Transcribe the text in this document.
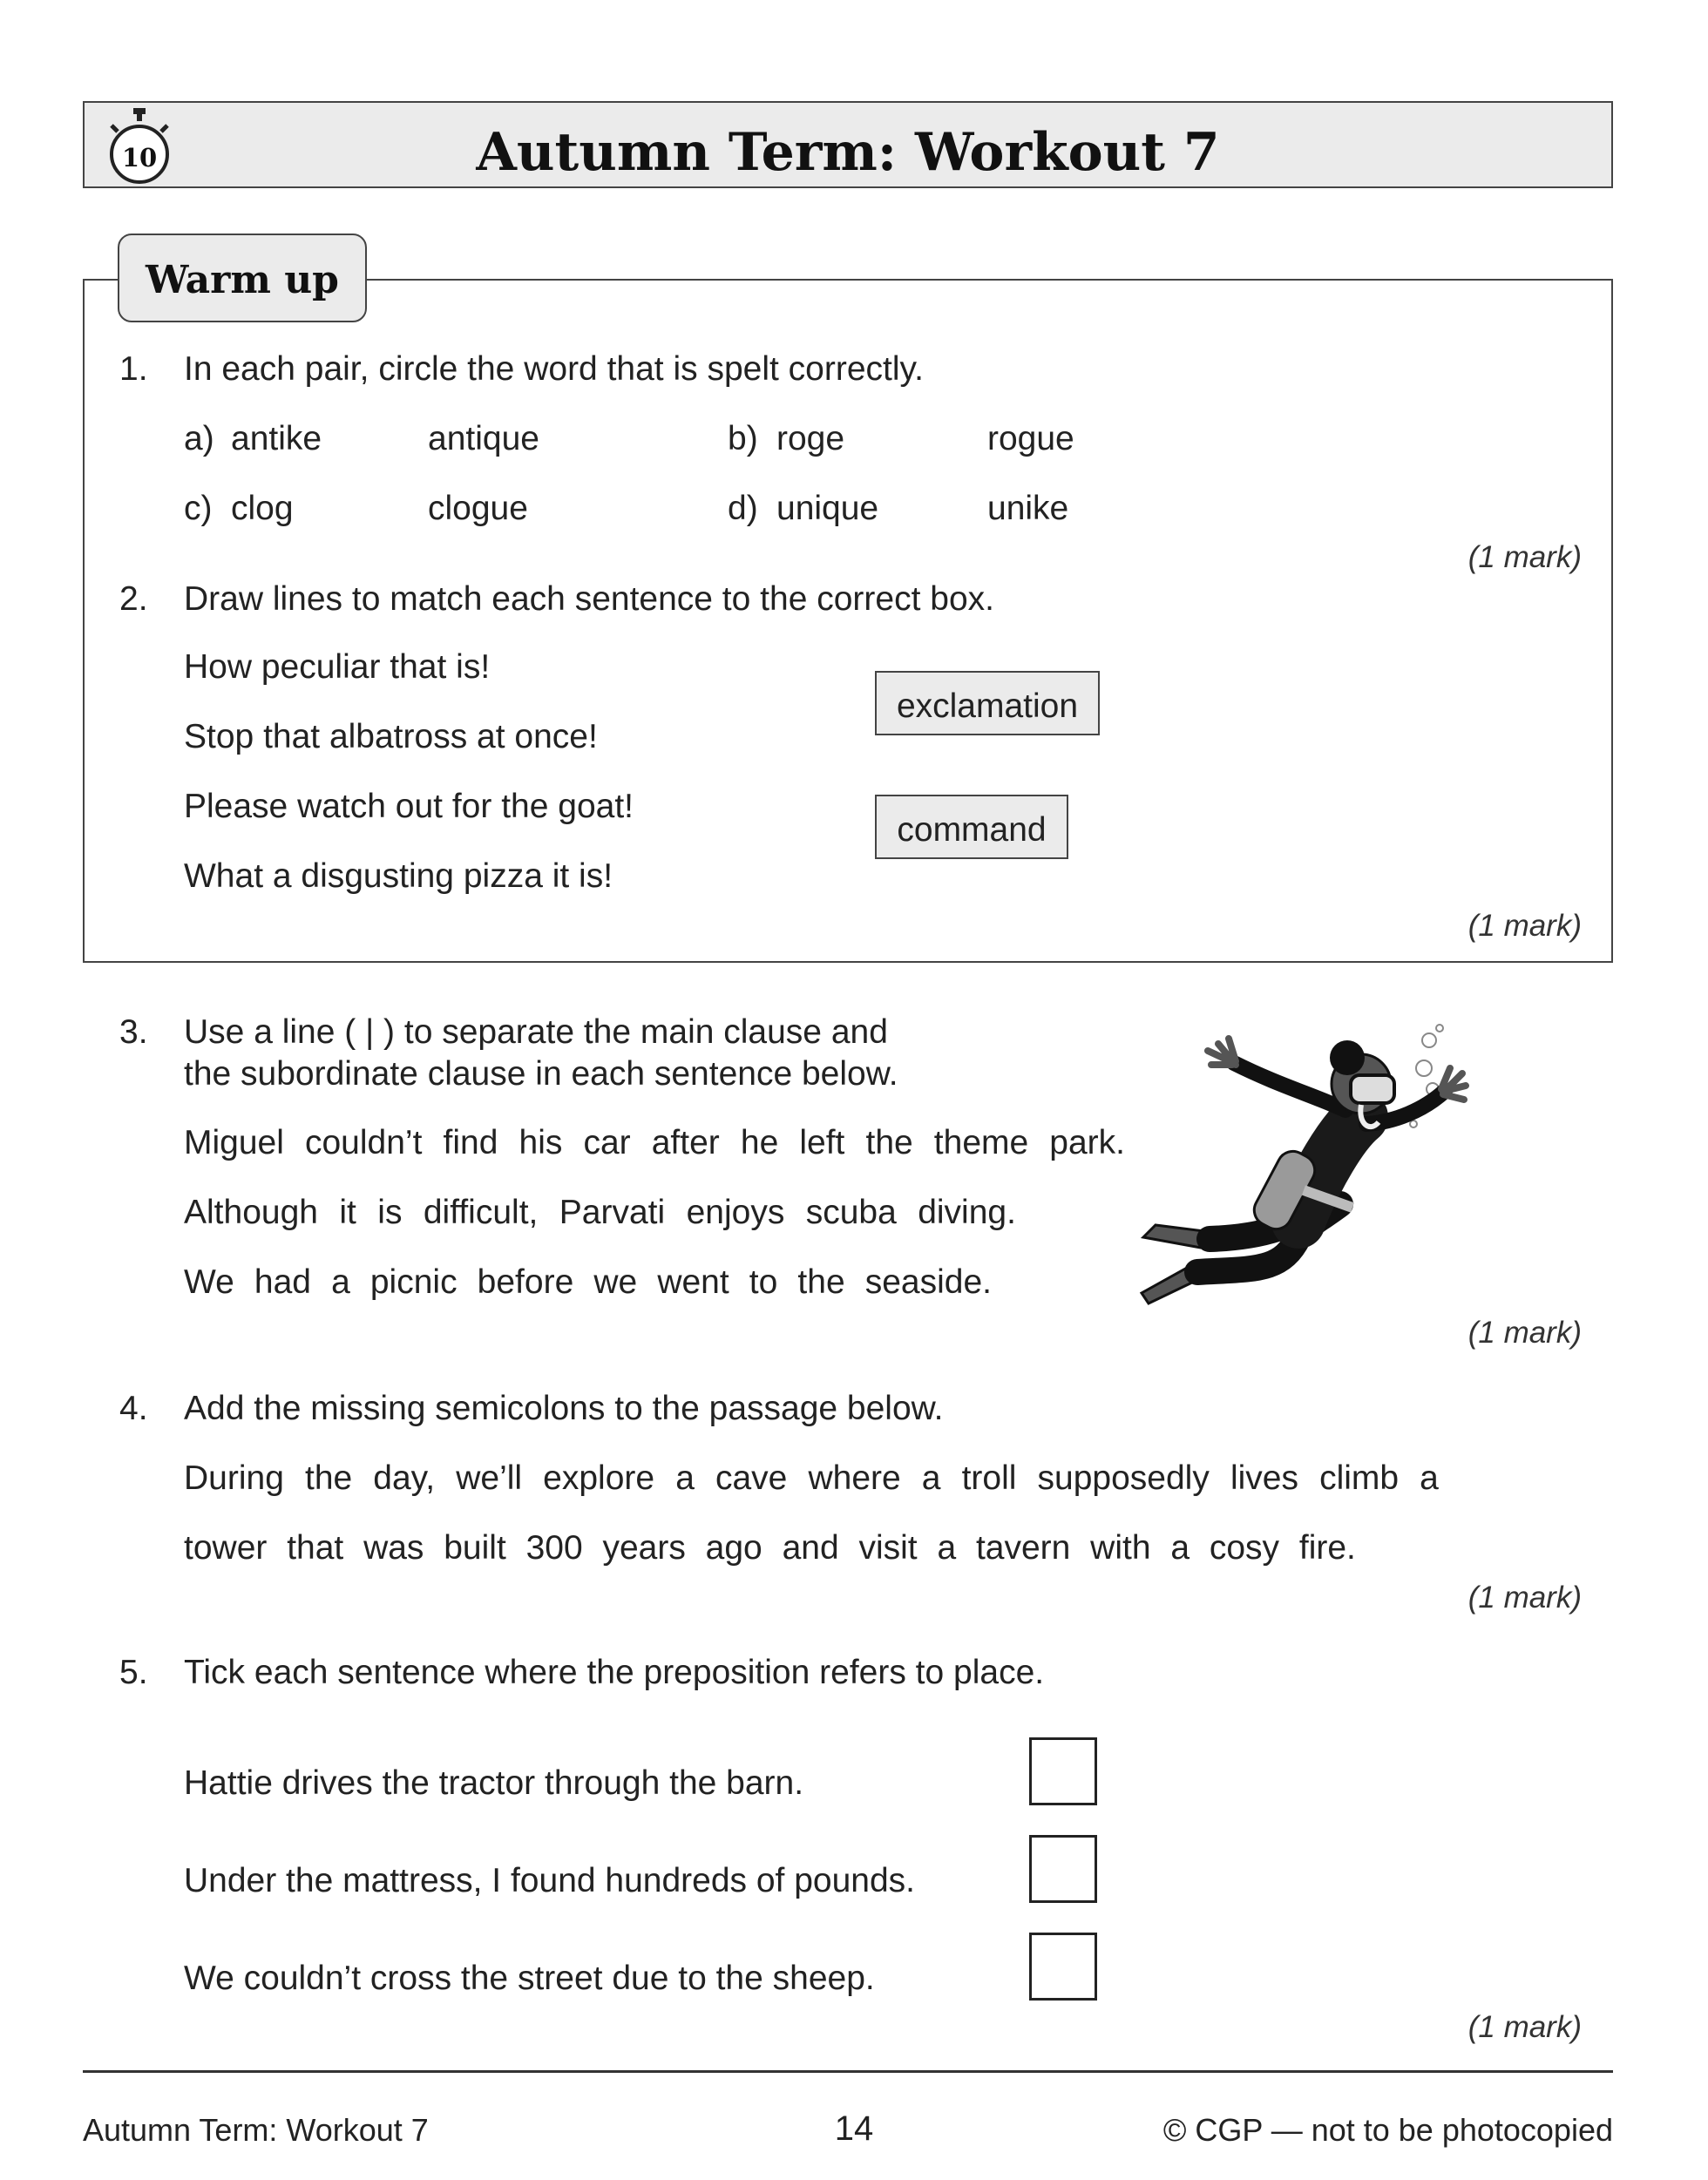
10	Autumn Term: Workout 7
Warm up
1. In each pair, circle the word that is spelt correctly.
a) antike	antique	b) roge	rogue
c) clog	clogue	d) unique	unike
(1 mark)
2. Draw lines to match each sentence to the correct box.
How peculiar that is!
Stop that albatross at once!
Please watch out for the goat!
What a disgusting pizza it is!
exclamation
command
(1 mark)
3. Use a line ( | ) to separate the main clause and
the subordinate clause in each sentence below.
Miguel couldn’t find his car after he left the theme park.
Although it is difficult, Parvati enjoys scuba diving.
We had a picnic before we went to the seaside.
(1 mark)
4. Add the missing semicolons to the passage below.
During the day, we’ll explore a cave where a troll supposedly lives climb a
tower that was built 300 years ago and visit a tavern with a cosy fire.
(1 mark)
5. Tick each sentence where the preposition refers to place.
Hattie drives the tractor through the barn.
Under the mattress, I found hundreds of pounds.
We couldn’t cross the street due to the sheep.
(1 mark)
Autumn Term: Workout 7	14	© CGP — not to be photocopied
